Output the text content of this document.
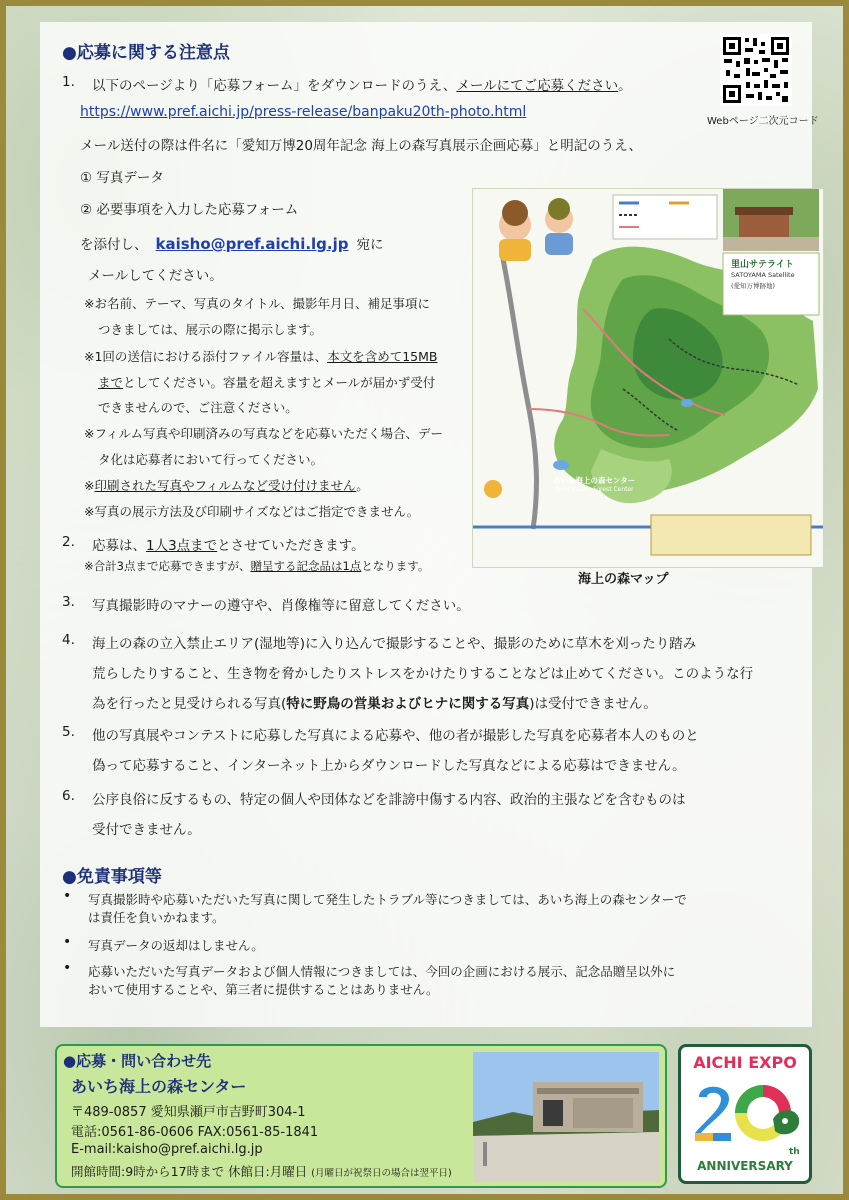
●応募に関する注意点
Webページ二次元コード
1. 以下のページより「応募フォーム」をダウンロードのうえ、メールにてご応募ください。
https://www.pref.aichi.jp/press-release/banpaku20th-photo.html
メール送付の際は件名に「愛知万博20周年記念 海上の森写真展示企画応募」と明記のうえ、
① 写真データ
② 必要事項を入力した応募フォーム
を添付し、 kaisho@pref.aichi.lg.jp 宛に
メールしてください。
※お名前、テーマ、写真のタイトル、撮影年月日、補足事項に
つきましては、展示の際に掲示します。
※1回の送信における添付ファイル容量は、本文を含めて15MB
までとしてください。容量を超えますとメールが届かず受付
できませんので、ご注意ください。
※フィルム写真や印刷済みの写真などを応募いただく場合、デー
タ化は応募者において行ってください。
※印刷された写真やフィルムなど受け付けません。
※写真の展示方法及び印刷サイズなどはご指定できません。
里山サテライト
SATOYAMA Satellite
(愛知万博跡地)
あいち海上の森センター
Aichi Kaisho Forest Center
海上の森マップ
2. 応募は、1人3点までとさせていただきます。
※合計3点まで応募できますが、贈呈する記念品は1点となります。
3. 写真撮影時のマナーの遵守や、肖像権等に留意してください。
4. 海上の森の立入禁止エリア(湿地等)に入り込んで撮影することや、撮影のために草木を刈ったり踏み
荒らしたりすること、生き物を脅かしたりストレスをかけたりすることなどは止めてください。このような行
為を行ったと見受けられる写真(特に野鳥の営巣およびヒナに関する写真)は受付できません。
5. 他の写真展やコンテストに応募した写真による応募や、他の者が撮影した写真を応募者本人のものと
偽って応募すること、インターネット上からダウンロードした写真などによる応募はできません。
6. 公序良俗に反するもの、特定の個人や団体などを誹謗中傷する内容、政治的主張などを含むものは
受付できません。
●免責事項等
• 写真撮影時や応募いただいた写真に関して発生したトラブル等につきましては、あいち海上の森センターで
は責任を負いかねます。
• 写真データの返却はしません。
• 応募いただいた写真データおよび個人情報につきましては、今回の企画における展示、記念品贈呈以外に
おいて使用することや、第三者に提供することはありません。
●応募・問い合わせ先
あいち海上の森センター
〒489-0857 愛知県瀬戸市吉野町304-1
電話:0561-86-0606 FAX:0561-85-1841
E-mail:kaisho@pref.aichi.lg.jp
開館時間:9時から17時まで 休館日:月曜日 (月曜日が祝祭日の場合は翌平日)
AICHI EXPO
th
ANNIVERSARY
